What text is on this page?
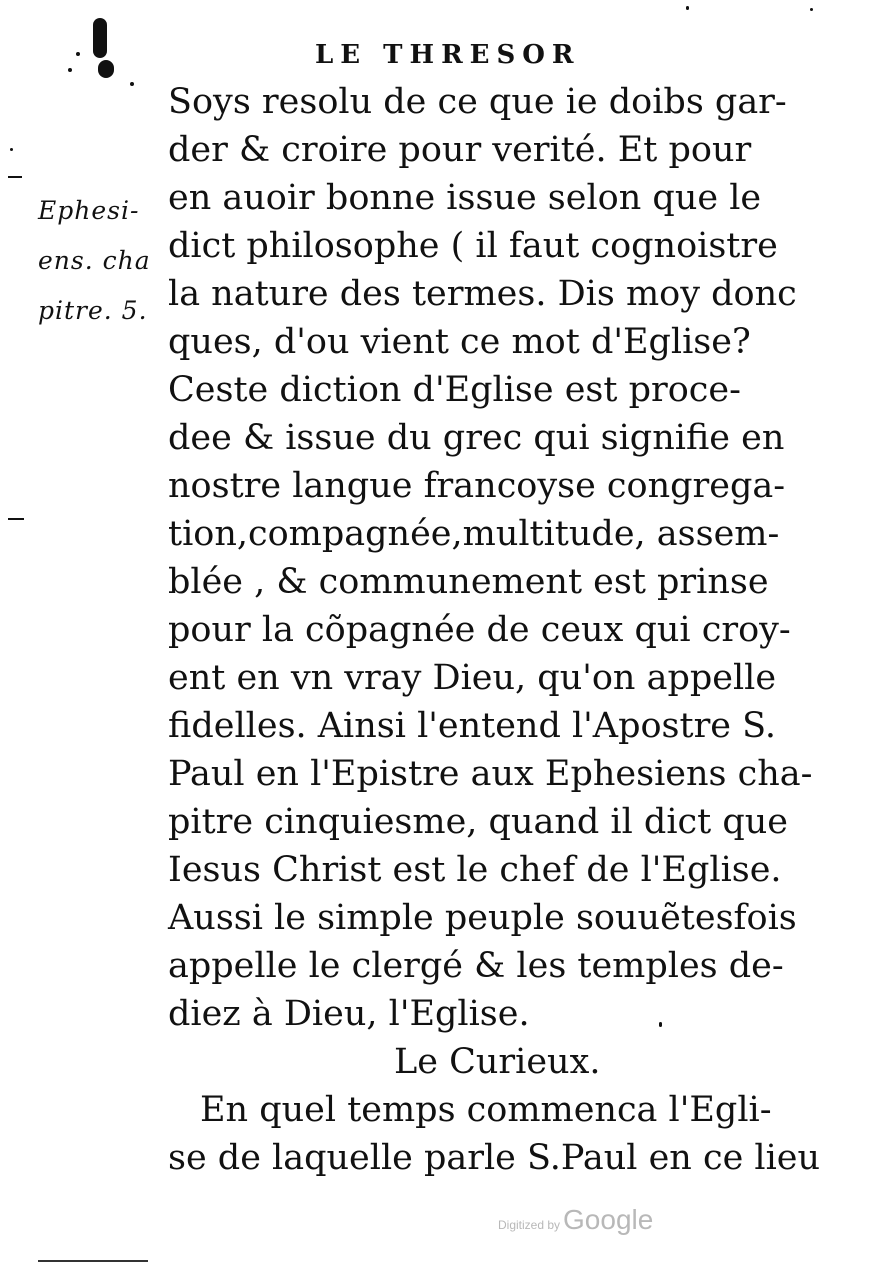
LE THRESOR
Ephesi-
ens. cha
pitre. 5.
Soys resolu de ce que ie doibs gar-
der & croire pour verité. Et pour
en auoir bonne issue selon que le
dict philosophe ( il faut cognoistre
la nature des termes. Dis moy donc
ques, d'ou vient ce mot d'Eglise?
Ceste diction d'Eglise est proce-
dee & issue du grec qui signifie en
nostre langue francoyse congrega-
tion,compagnée,multitude, assem-
blée , & communement est prinse
pour la cõpagnée de ceux qui croy-
ent en vn vray Dieu, qu'on appelle
fidelles. Ainsi l'entend l'Apostre S.
Paul en l'Epistre aux Ephesiens cha-
pitre cinquiesme, quand il dict que
Iesus Christ est le chef de l'Eglise.
Aussi le simple peuple souuẽtesfois
appelle le clergé & les temples de-
diez à Dieu, l'Eglise.
Le Curieux.
En quel temps commenca l'Egli-
se de laquelle parle S.Paul en ce lieu
Digitized by Google
